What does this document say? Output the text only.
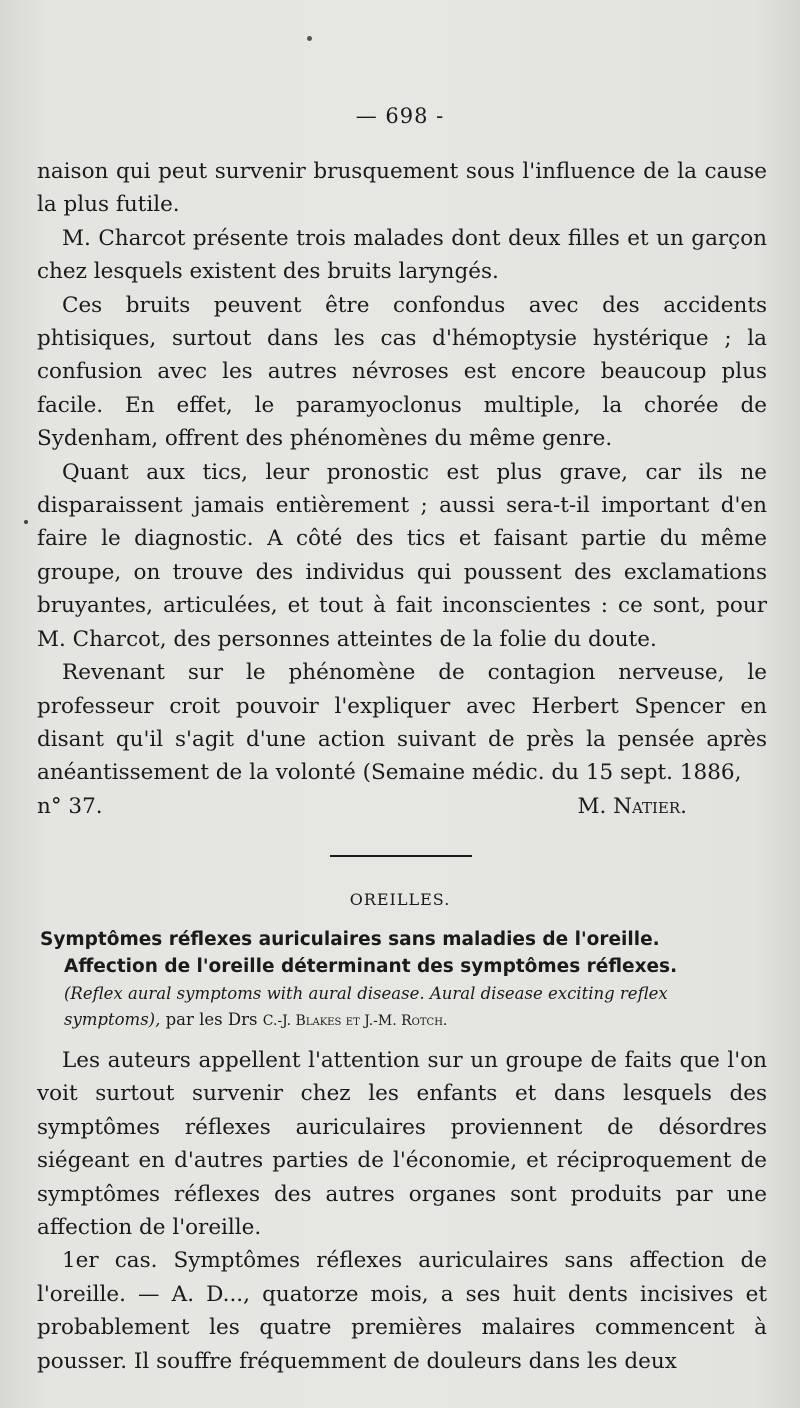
— 698 -

naison qui peut survenir brusquement sous l'influence de la cause la plus futile.

M. Charcot présente trois malades dont deux filles et un garçon chez lesquels existent des bruits laryngés.

Ces bruits peuvent être confondus avec des accidents phtisiques, surtout dans les cas d'hémoptysie hystérique ; la confusion avec les autres névroses est encore beaucoup plus facile. En effet, le paramyoclonus multiple, la chorée de Sydenham, offrent des phénomènes du même genre.

Quant aux tics, leur pronostic est plus grave, car ils ne disparaissent jamais entièrement ; aussi sera-t-il important d'en faire le diagnostic. A côté des tics et faisant partie du même groupe, on trouve des individus qui poussent des exclamations bruyantes, articulées, et tout à fait inconscientes : ce sont, pour M. Charcot, des personnes atteintes de la folie du doute.

Revenant sur le phénomène de contagion nerveuse, le professeur croit pouvoir l'expliquer avec Herbert Spencer en disant qu'il s'agit d'une action suivant de près la pensée après anéantissement de la volonté (Semaine médic. du 15 sept. 1886,

n° 37.	M. Natier.
OREILLES.
Symptômes réflexes auriculaires sans maladies de l'oreille.
Affection de l'oreille déterminant des symptômes réflexes.
(Reflex aural symptoms with aural disease. Aural disease exciting reflex symptoms), par les Drs C.-J. Blakes et J.-M. Rotch.

Les auteurs appellent l'attention sur un groupe de faits que l'on voit surtout survenir chez les enfants et dans lesquels des symptômes réflexes auriculaires proviennent de désordres siégeant en d'autres parties de l'économie, et réciproquement de symptômes réflexes des autres organes sont produits par une affection de l'oreille.

1er cas. Symptômes réflexes auriculaires sans affection de l'oreille. — A. D..., quatorze mois, a ses huit dents incisives et probablement les quatre premières malaires commencent à pousser. Il souffre fréquemment de douleurs dans les deux
